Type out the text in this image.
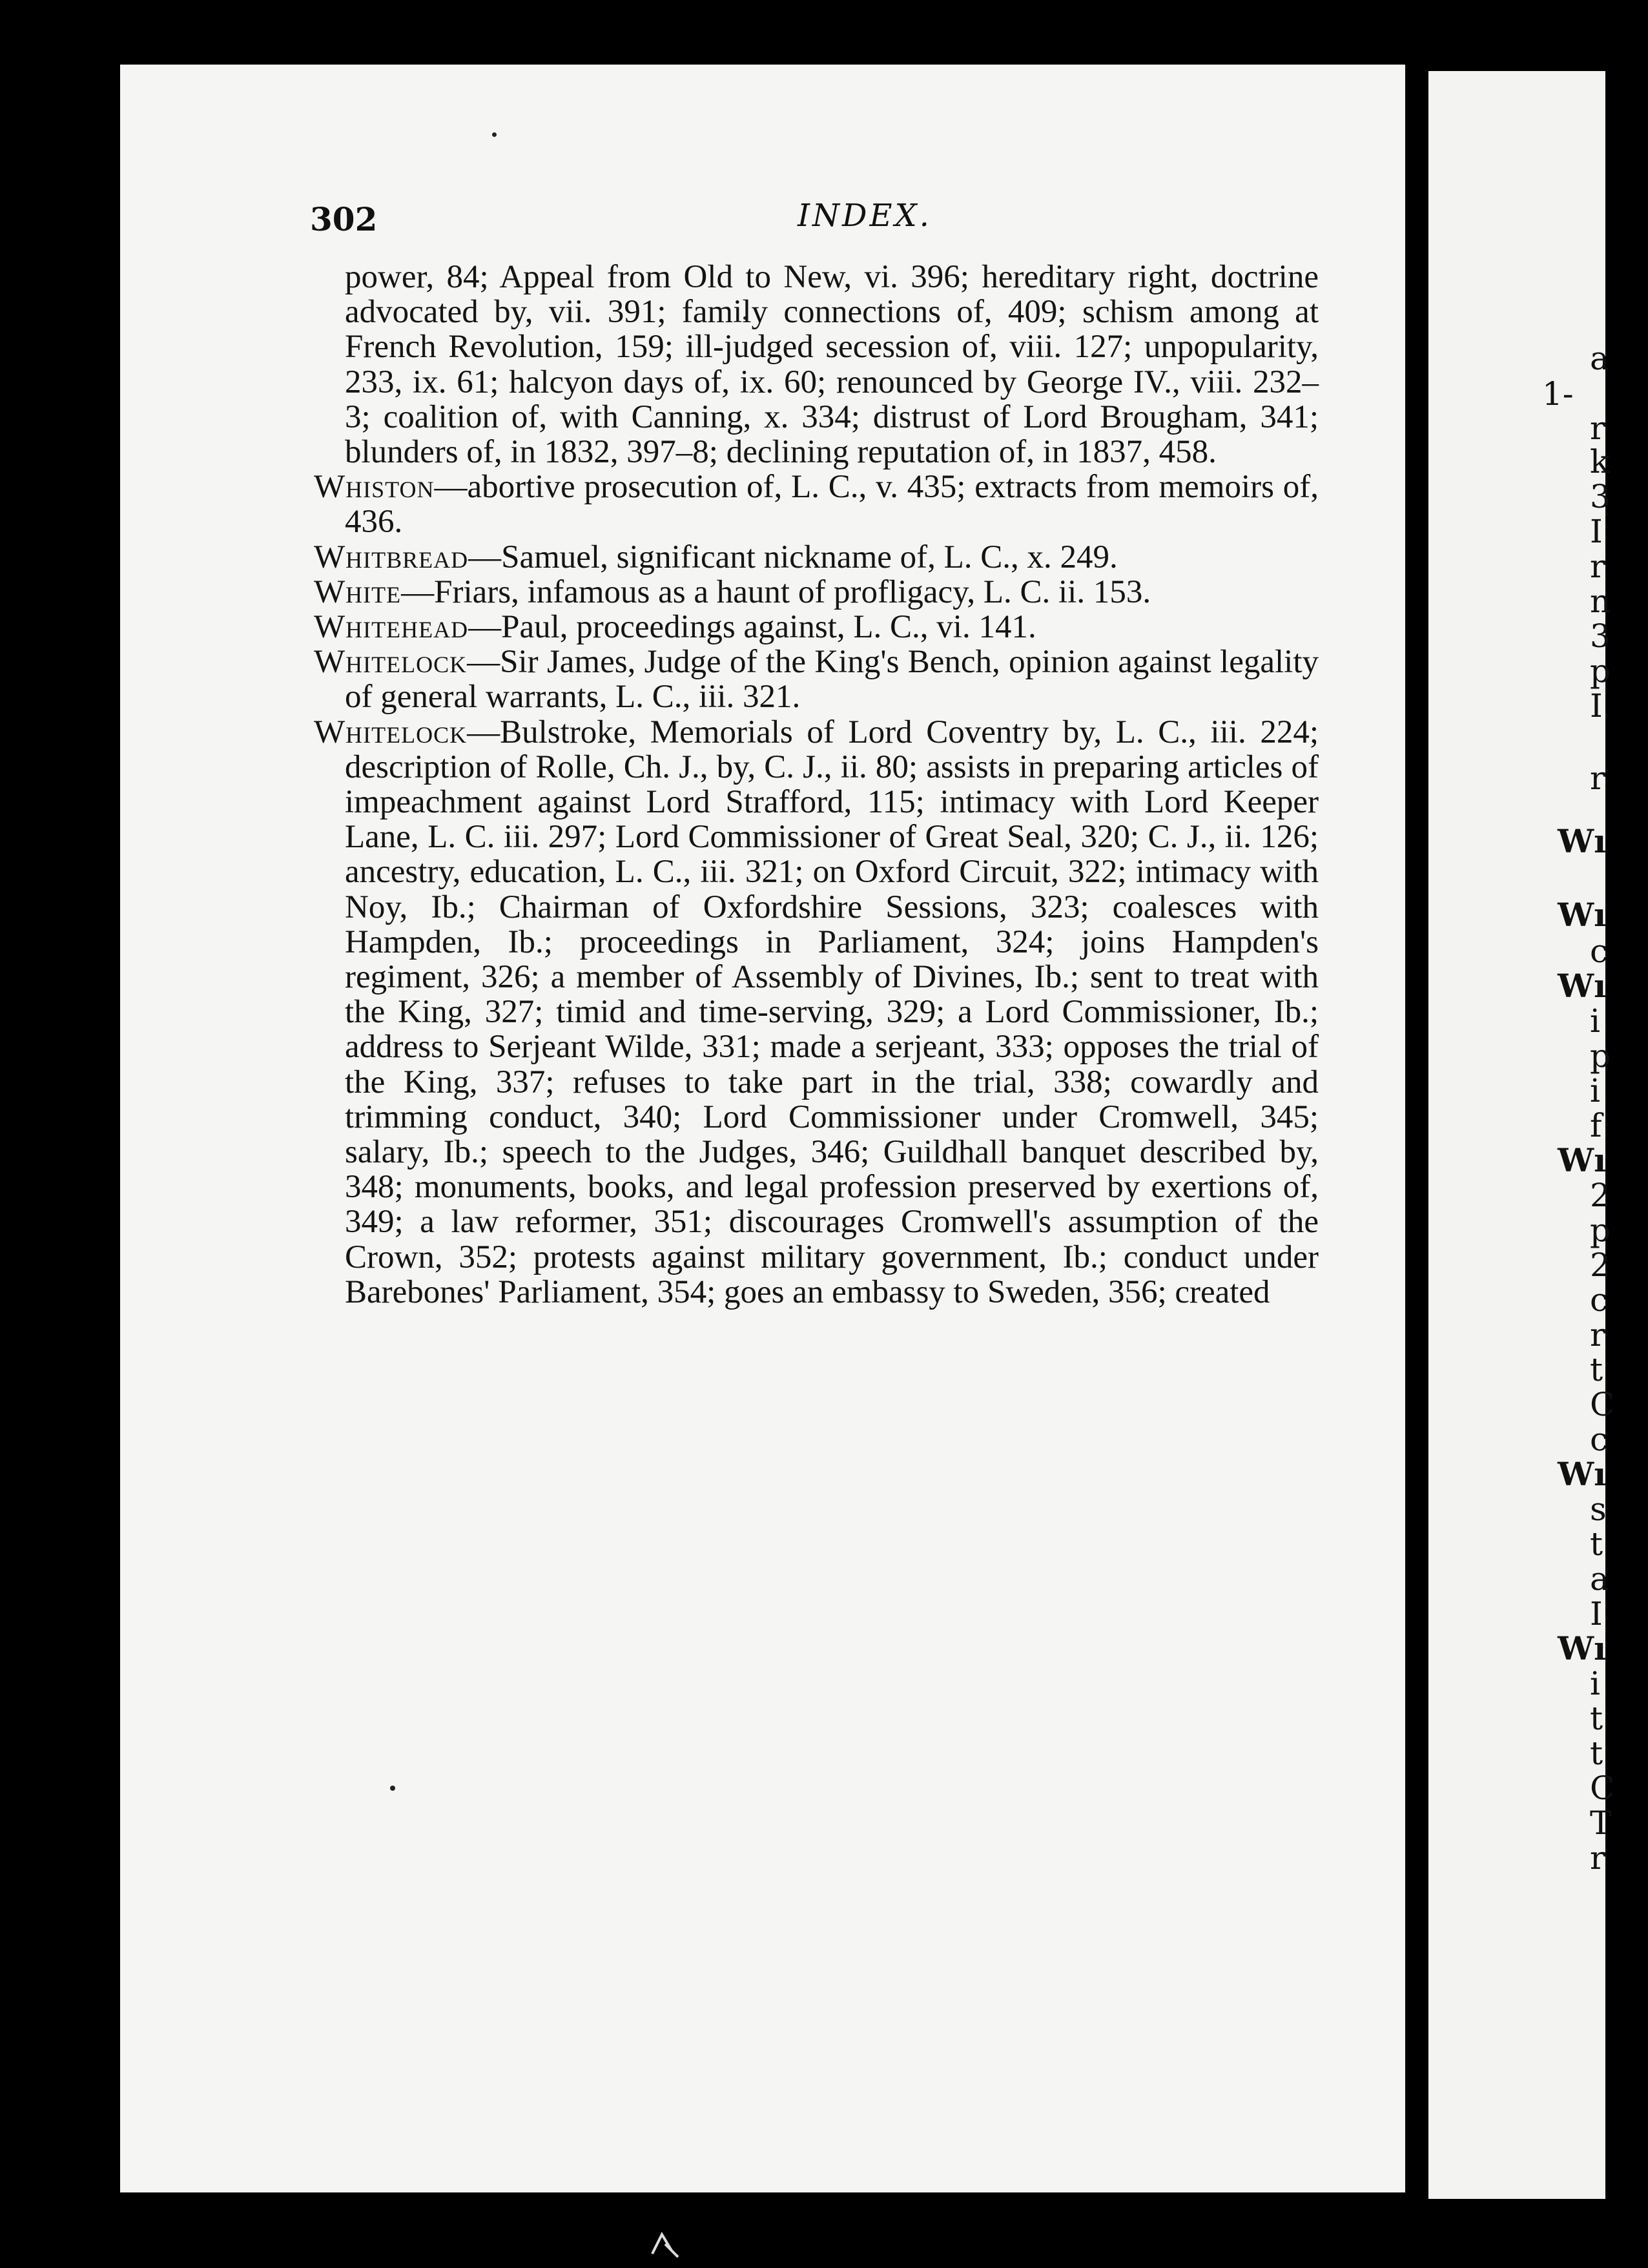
302	INDEX.

power, 84; Appeal from Old to New, vi. 396; hereditary right, doctrine advocated by, vii. 391; family connections of, 409; schism among at French Revolution, 159; ill-judged secession of, viii. 127; unpopularity, 233, ix. 61; halcyon days of, ix. 60; renounced by George IV., viii. 232–3; coalition of, with Canning, x. 334; distrust of Lord Brougham, 341; blunders of, in 1832, 397–8; declining reputation of, in 1837, 458.

Whiston—abortive prosecution of, L. C., v. 435; extracts from memoirs of, 436.

Whitbread—Samuel, significant nickname of, L. C., x. 249.

White—Friars, infamous as a haunt of profligacy, L. C. ii. 153.

Whitehead—Paul, proceedings against, L. C., vi. 141.

Whitelock—Sir James, Judge of the King's Bench, opinion against legality of general warrants, L. C., iii. 321.

Whitelock—Bulstroke, Memorials of Lord Coventry by, L. C., iii. 224; description of Rolle, Ch. J., by, C. J., ii. 80; assists in preparing articles of impeachment against Lord Strafford, 115; intimacy with Lord Keeper Lane, L. C. iii. 297; Lord Commissioner of Great Seal, 320; C. J., ii. 126; ancestry, education, L. C., iii. 321; on Oxford Circuit, 322; intimacy with Noy, Ib.; Chairman of Oxfordshire Sessions, 323; coalesces with Hampden, Ib.; proceedings in Parliament, 324; joins Hampden's regiment, 326; a member of Assembly of Divines, Ib.; sent to treat with the King, 327; timid and time-serving, 329; a Lord Commissioner, Ib.; address to Serjeant Wilde, 331; made a serjeant, 333; opposes the trial of the King, 337; refuses to take part in the trial, 338; cowardly and trimming conduct, 340; Lord Commissioner under Cromwell, 345; salary, Ib.; speech to the Judges, 346; Guildhall banquet described by, 348; monuments, books, and legal profession preserved by exertions of, 349; a law reformer, 351; discourages Cromwell's assumption of the Crown, 352; protests against military government, Ib.; conduct under Barebones' Parliament, 354; goes an embassy to Sweden, 356; created

a
1-
r
k
3
I
r
n
3
p
I
r
Wı
Wı
c
Wı
i
p
i
f
Wı
2
p
2
c
r
t
C
c
Wı
s
t
a
I
Wı
i
t
t
C
T
r
